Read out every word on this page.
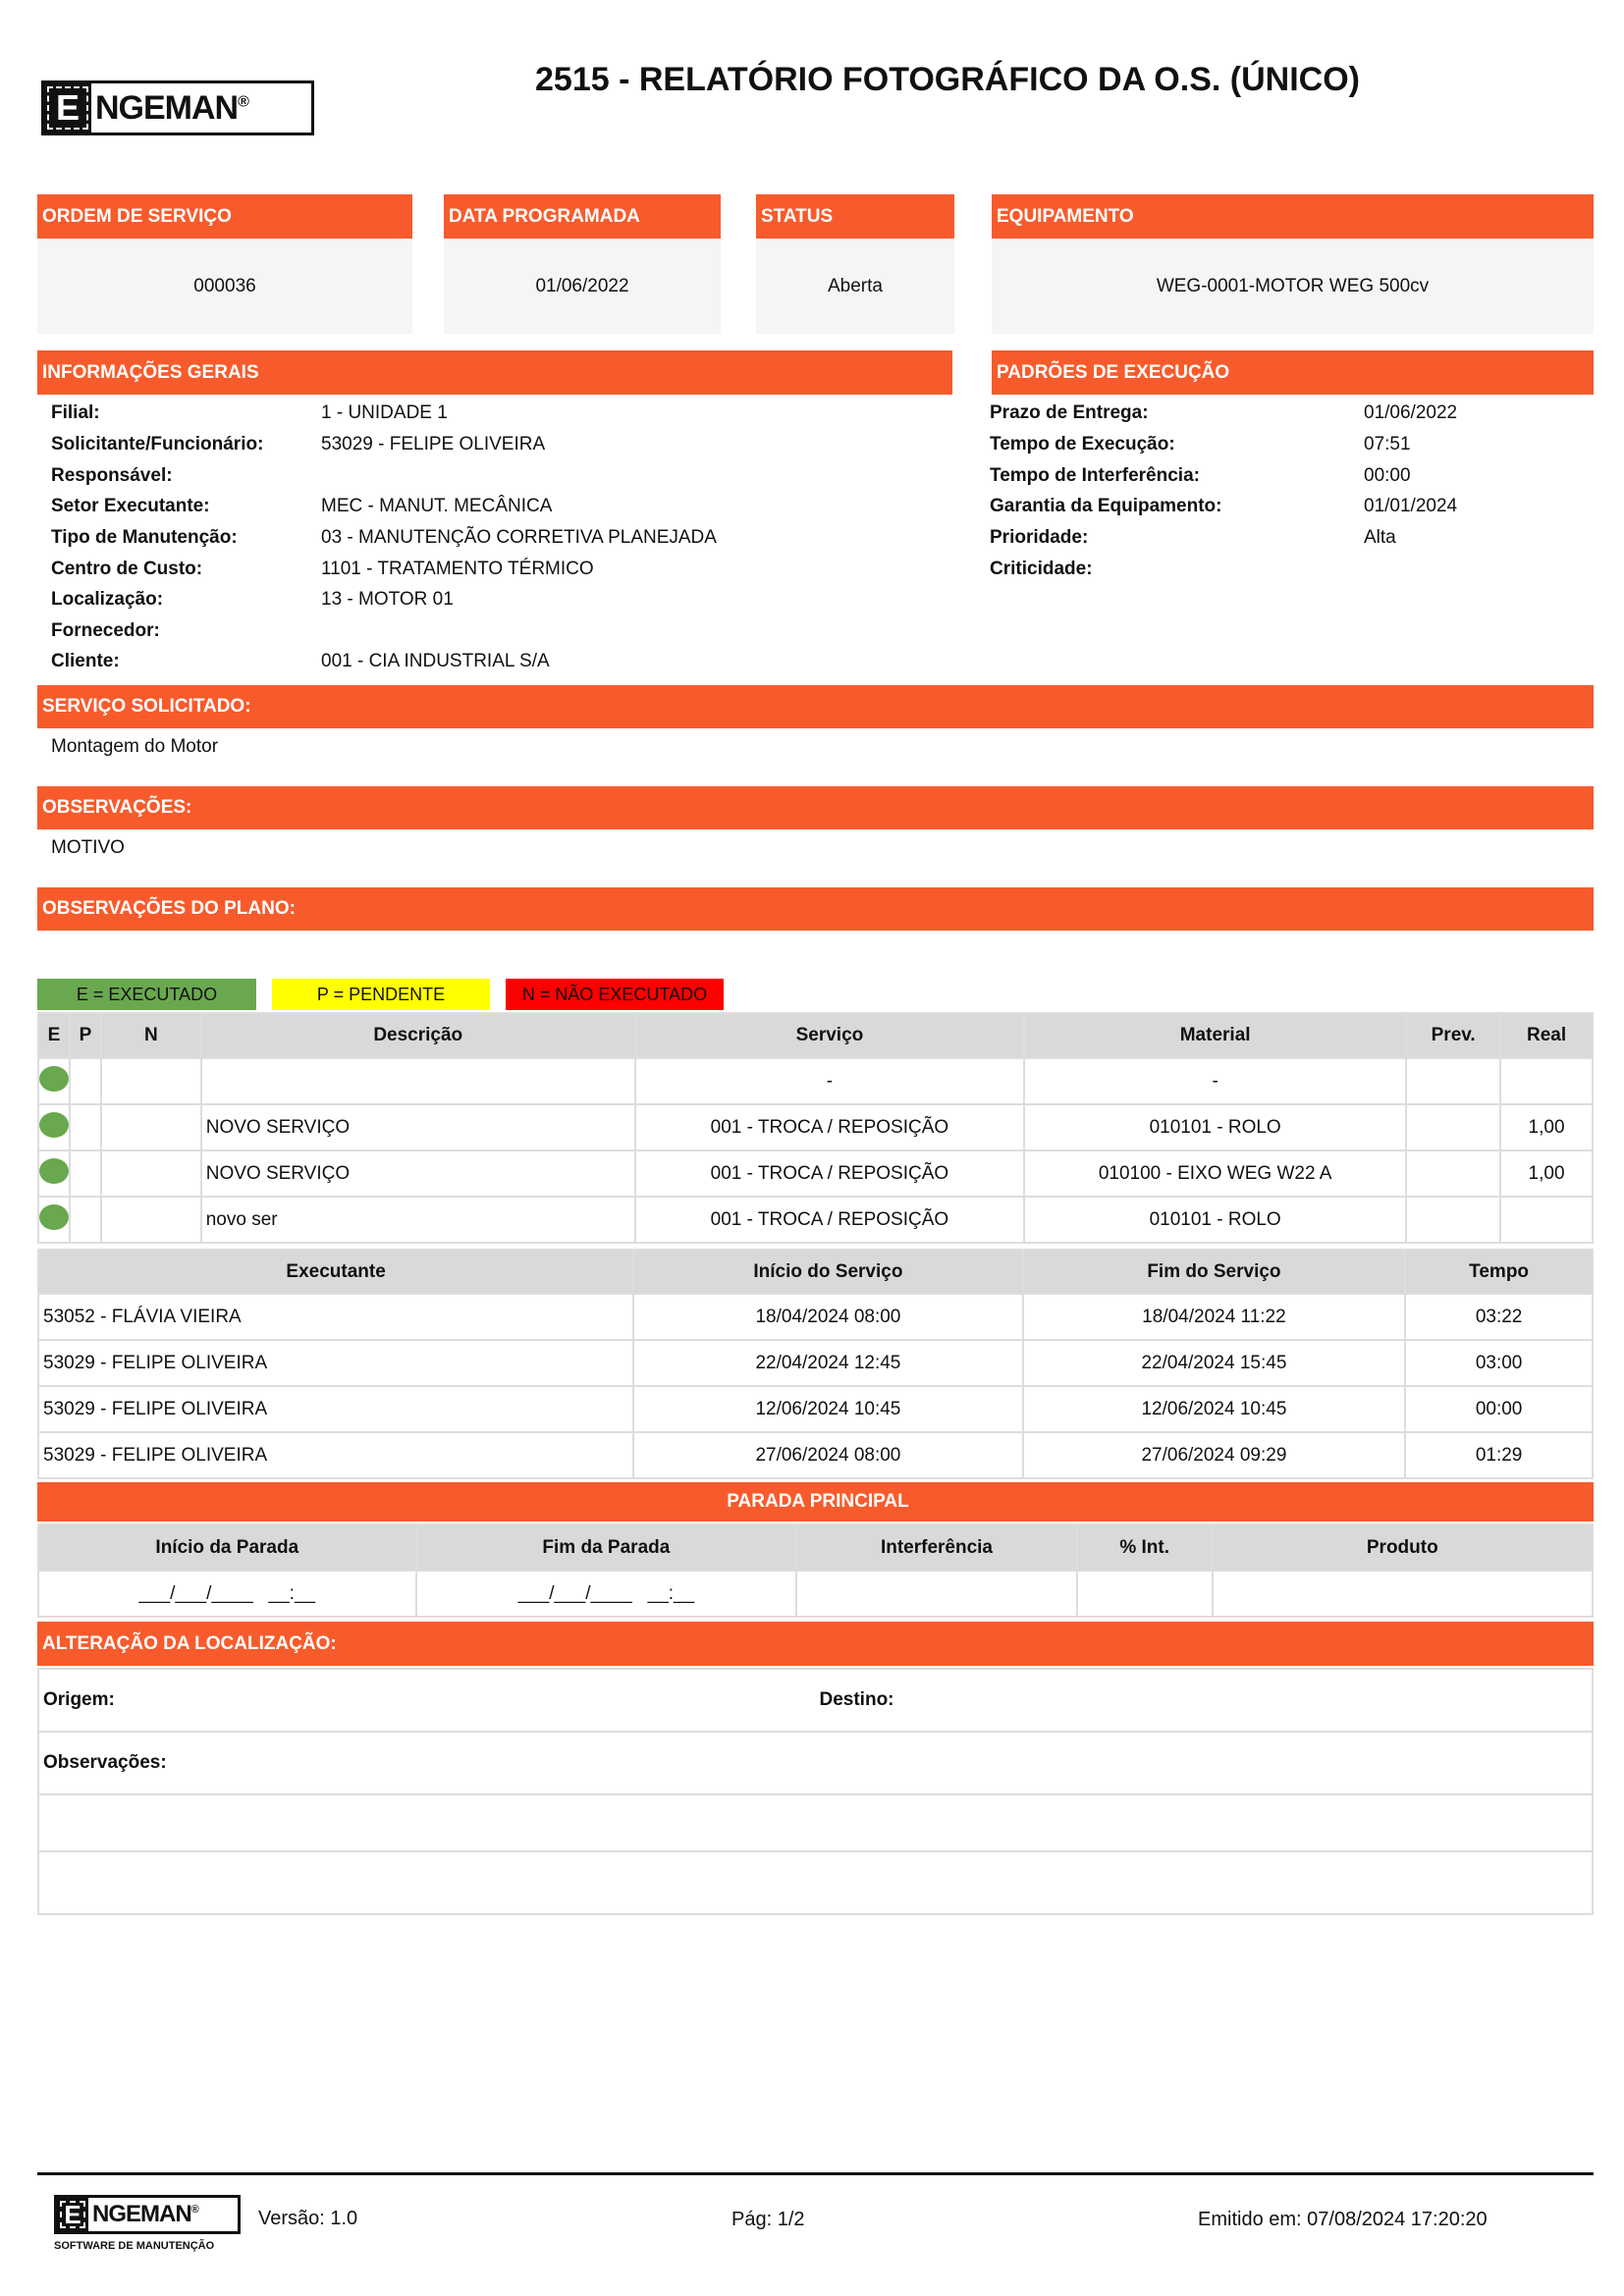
E NGEMAN®
2515 - RELATÓRIO FOTOGRÁFICO DA O.S. (ÚNICO)
ORDEM DE SERVIÇO
000036
DATA PROGRAMADA
01/06/2022
STATUS
Aberta
EQUIPAMENTO
WEG-0001-MOTOR WEG 500cv
INFORMAÇÕES GERAIS	PADRÕES DE EXECUÇÃO
Filial:	1 - UNIDADE 1
Solicitante/Funcionário:	53029 - FELIPE OLIVEIRA
Responsável:
Setor Executante:	MEC - MANUT. MECÂNICA
Tipo de Manutenção:	03 - MANUTENÇÃO CORRETIVA PLANEJADA
Centro de Custo:	1101 - TRATAMENTO TÉRMICO
Localização:	13 - MOTOR 01
Fornecedor:
Cliente:	001 - CIA INDUSTRIAL S/A
Prazo de Entrega:	01/06/2022
Tempo de Execução:	07:51
Tempo de Interferência:	00:00
Garantia da Equipamento:	01/01/2024
Prioridade:	Alta
Criticidade:
SERVIÇO SOLICITADO:
Montagem do Motor
OBSERVAÇÕES:
MOTIVO
OBSERVAÇÕES DO PLANO:
E = EXECUTADO	P = PENDENTE	N = NÃO EXECUTADO
E	P	N	Descrição	Serviço	Material	Prev.	Real
				-	-		
			NOVO SERVIÇO	001 - TROCA / REPOSIÇÃO	010101 - ROLO		1,00
			NOVO SERVIÇO	001 - TROCA / REPOSIÇÃO	010100 - EIXO WEG W22 A		1,00
			novo ser	001 - TROCA / REPOSIÇÃO	010101 - ROLO		
Executante	Início do Serviço	Fim do Serviço	Tempo
53052 - FLÁVIA VIEIRA	18/04/2024 08:00	18/04/2024 11:22	03:22
53029 - FELIPE OLIVEIRA	22/04/2024 12:45	22/04/2024 15:45	03:00
53029 - FELIPE OLIVEIRA	12/06/2024 10:45	12/06/2024 10:45	00:00
53029 - FELIPE OLIVEIRA	27/06/2024 08:00	27/06/2024 09:29	01:29
PARADA PRINCIPAL
Início da Parada	Fim da Parada	Interferência	% Int.	Produto
___/___/____   __:__	___/___/____   __:__			
ALTERAÇÃO DA LOCALIZAÇÃO:
Origem:	Destino:
Observações:

E NGEMAN®
SOFTWARE DE MANUTENÇÃO
Versão: 1.0	Pág: 1/2	Emitido em: 07/08/2024 17:20:20
